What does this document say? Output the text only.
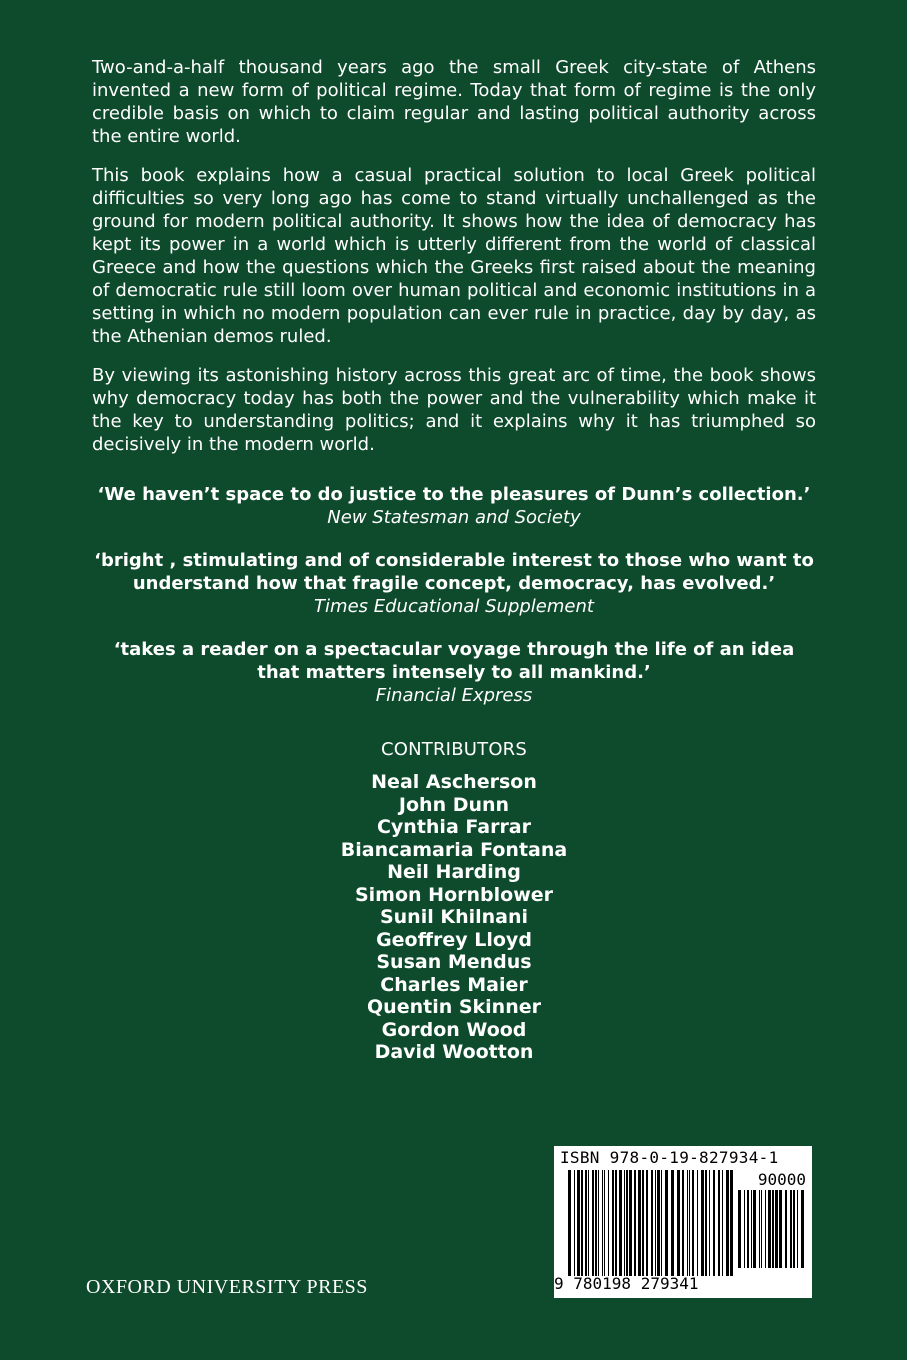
Two-and-a-half thousand years ago the small Greek city-state of Athens invented a new form of political regime. Today that form of regime is the only credible basis on which to claim regular and lasting political authority across the entire world.

This book explains how a casual practical solution to local Greek political difficulties so very long ago has come to stand virtually unchallenged as the ground for modern political authority. It shows how the idea of democracy has kept its power in a world which is utterly different from the world of classical Greece and how the questions which the Greeks first raised about the meaning of democratic rule still loom over human political and economic institutions in a setting in which no modern population can ever rule in practice, day by day, as the Athenian demos ruled.

By viewing its astonishing history across this great arc of time, the book shows why democracy today has both the power and the vulnerability which make it the key to understanding politics; and it explains why it has triumphed so decisively in the modern world.

‘We haven’t space to do justice to the pleasures of Dunn’s collection.’
New Statesman and Society
‘bright , stimulating and of considerable interest to those who want to understand how that fragile concept, democracy, has evolved.’
Times Educational Supplement
‘takes a reader on a spectacular voyage through the life of an idea that matters intensely to all mankind.’
Financial Express
CONTRIBUTORS
Neal Ascherson
John Dunn
Cynthia Farrar
Biancamaria Fontana
Neil Harding
Simon Hornblower
Sunil Khilnani
Geoffrey Lloyd
Susan Mendus
Charles Maier
Quentin Skinner
Gordon Wood
David Wootton
OXFORD UNIVERSITY PRESS
ISBN 978-0-19-827934-1
90000
9 780198 279341
